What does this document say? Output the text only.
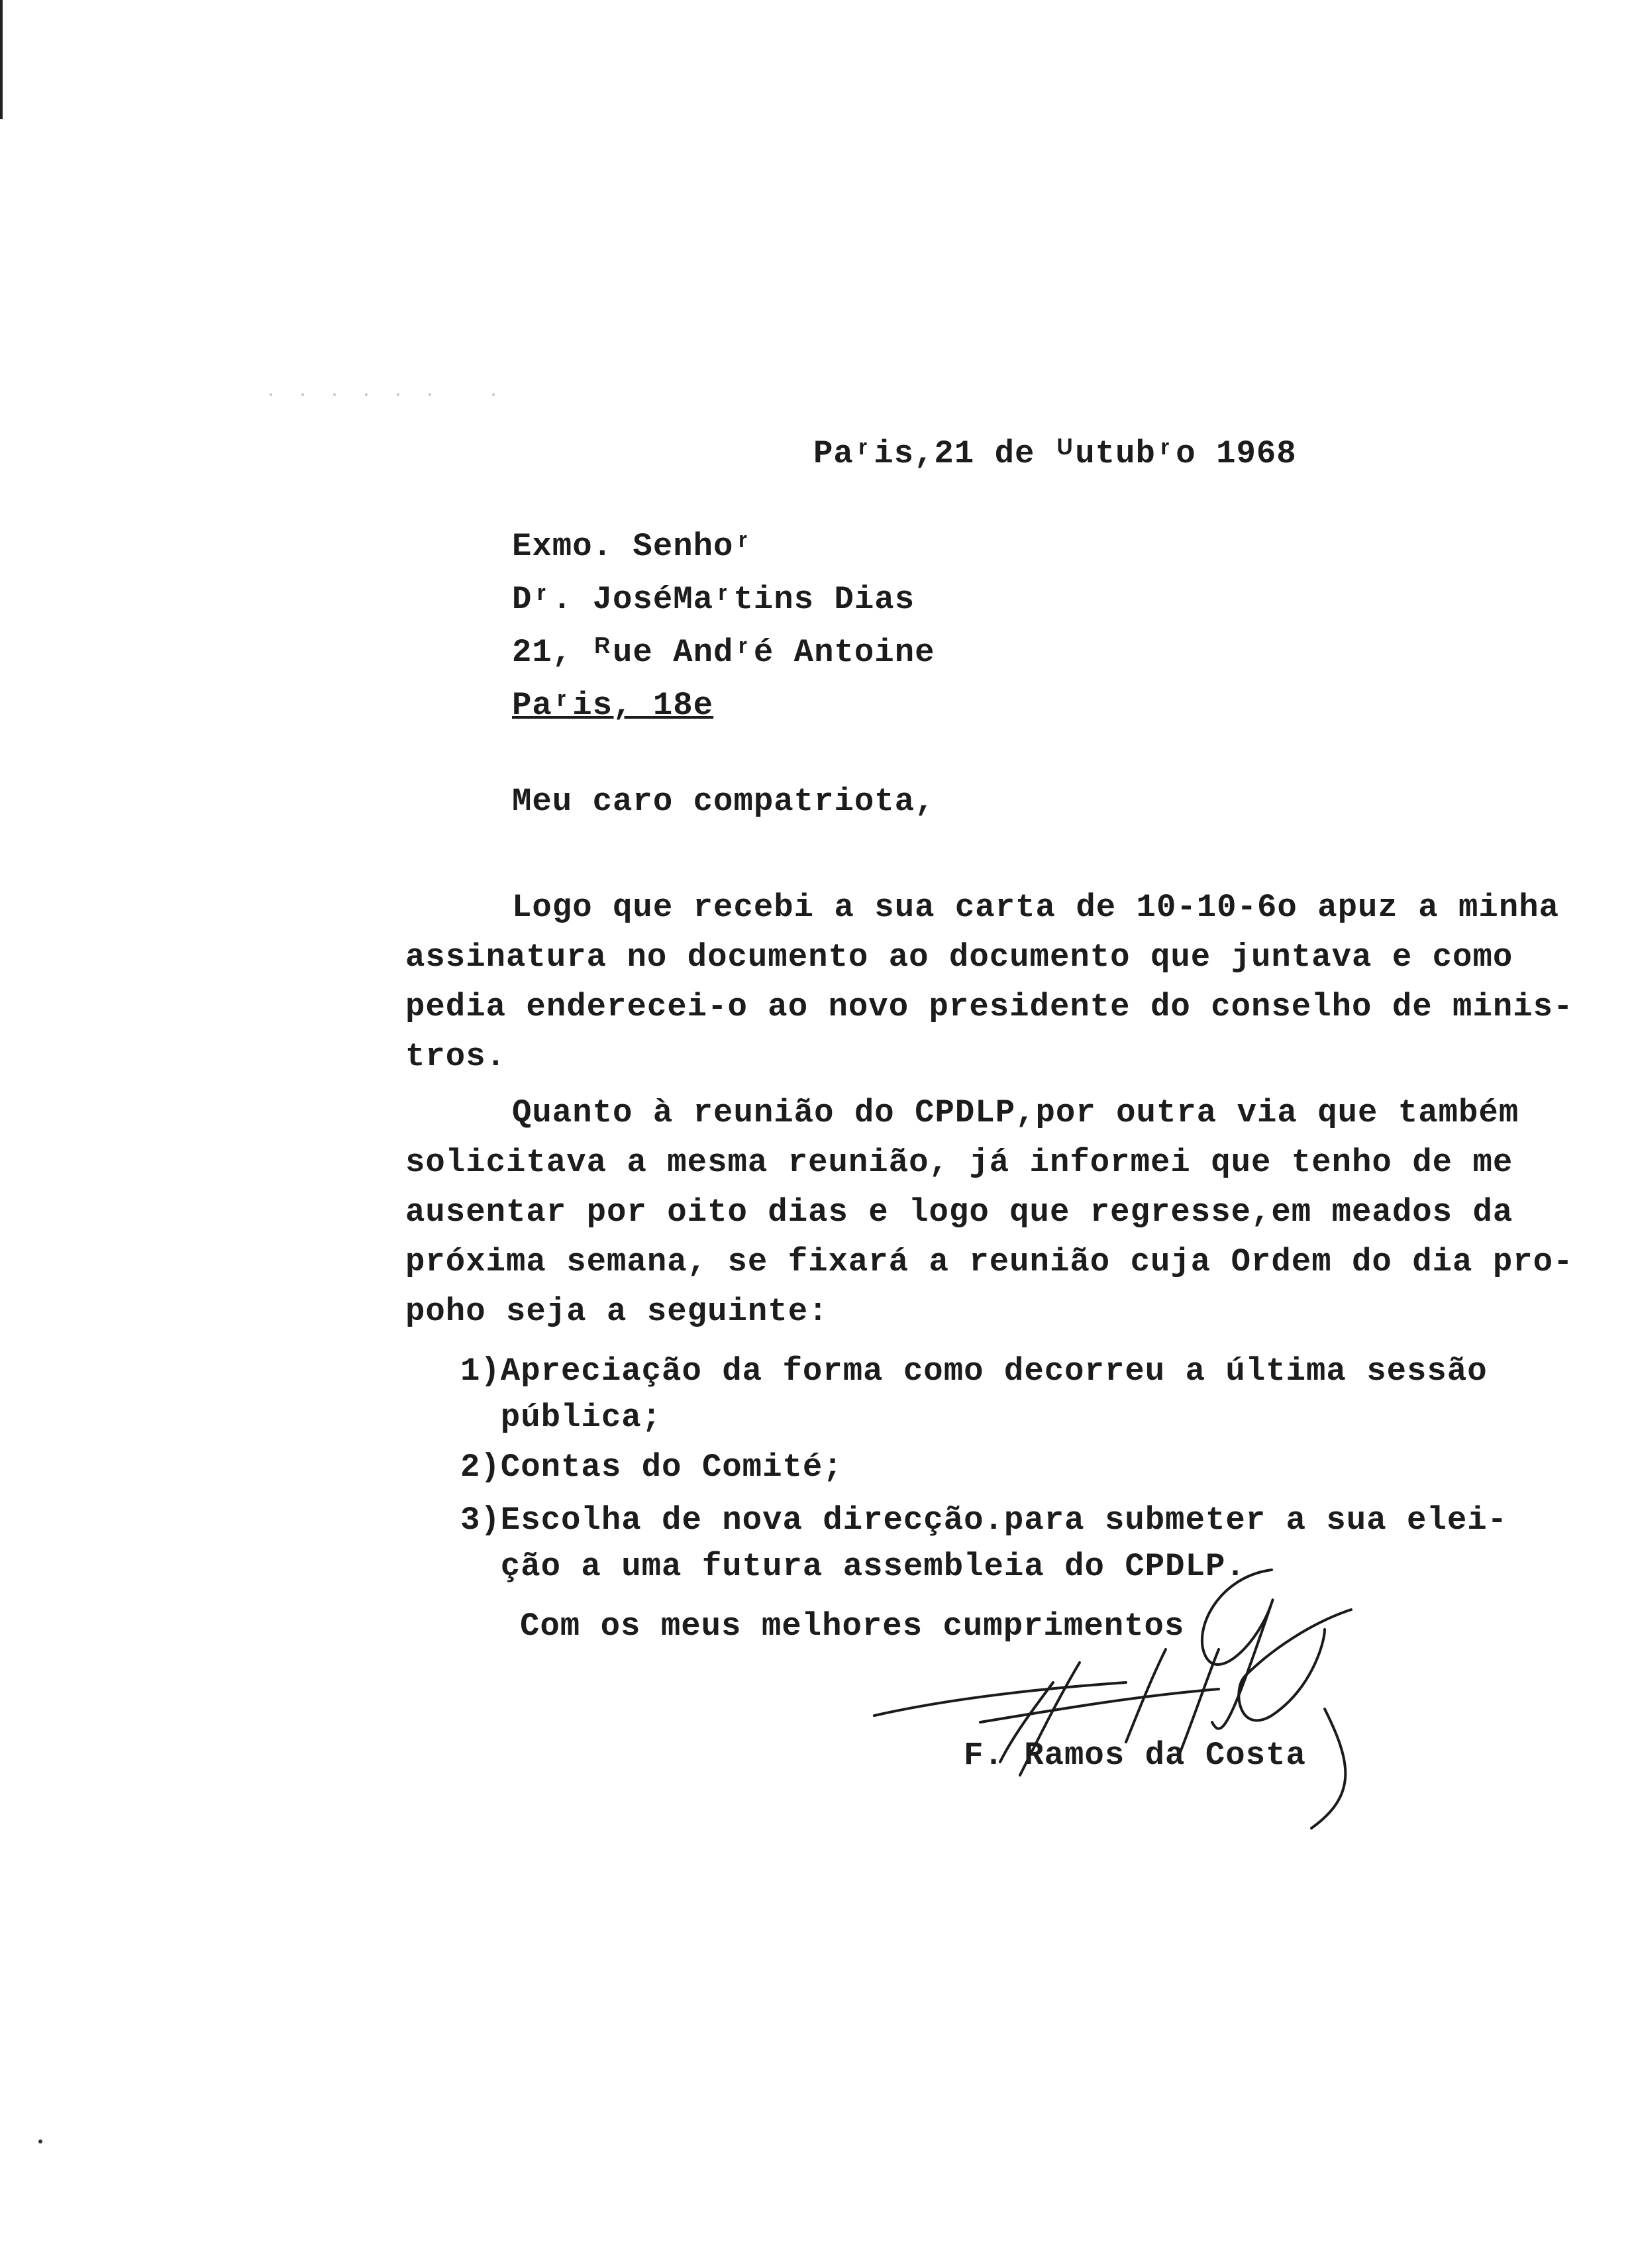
· · · · · ·   ·
Paʳis,21 de ᵁutubʳo 1968
Exmo. Senhoʳ
Dʳ. JoséMaʳtins Dias
21, ᴿue Andʳé Antoine
Paʳis, 18e
Meu caro compatriota,
Logo que recebi a sua carta de 10-10-6o apuz a minha
assinatura no documento ao documento que juntava e como
pedia enderecei-o ao novo presidente do conselho de minis-
tros.
Quanto à reunião do CPDLP,por outra via que também
solicitava a mesma reunião, já informei que tenho de me
ausentar por oito dias e logo que regresse,em meados da
próxima semana, se fixará a reunião cuja Ordem do dia pro-
poho seja a seguinte:
1)Apreciação da forma como decorreu a última sessão
pública;
2)Contas do Comité;
3)Escolha de nova direcção.para submeter a sua elei-
ção a uma futura assembleia do CPDLP.
Com os meus melhores cumprimentos
F. Ramos da Costa
